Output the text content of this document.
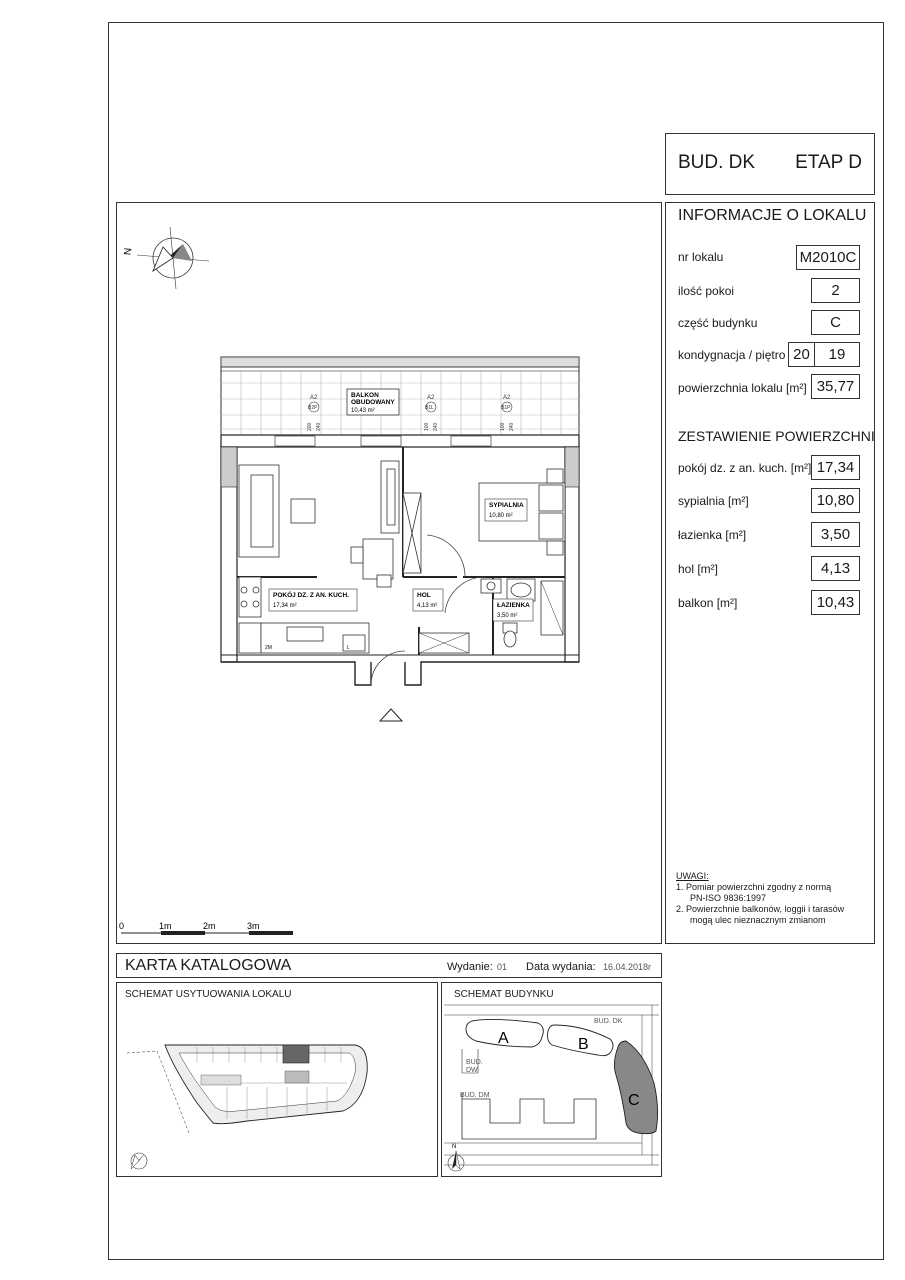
BUD. DK ETAP D
INFORMACJE O LOKALU
nr lokalu	M2010C
ilość pokoi	2
część budynku	C
kondygnacja / piętro 20	19
powierzchnia lokalu [m²] 35,77
ZESTAWIENIE POWIERZCHNI
pokój dz. z an. kuch. [m²] 17,34
sypialnia [m²]	10,80
łazienka [m²]	3,50
hol [m²]	4,13
balkon [m²]	10,43
UWAGI:
1. Pomiar powierzchni zgodny z normą
PN-ISO 9836:1997
2. Powierzchnie balkonów, loggii i tarasów
mogą ulec nieznacznym zmianom
N
BALKON
OBUDOWANY
10,43 m²
A2
B2P
A2
B1L
A2
B1P
200 240	100 240	100 240
2M	L
SYPIALNIA
10,80 m²
POKÓJ DZ. Z AN. KUCH.
17,34 m²
HOL
4,13 m²	ŁAZIENKA
3,50 m²
0	1m	2m	3m
KARTA KATALOGOWA	Wydanie: 01 Data wydania: 16.04.2018r
SCHEMAT USYTUOWANIA LOKALU	SCHEMAT BUDYNKU
A	B
C
BUD. DK
BUD.
DW
BUD. DM
N
